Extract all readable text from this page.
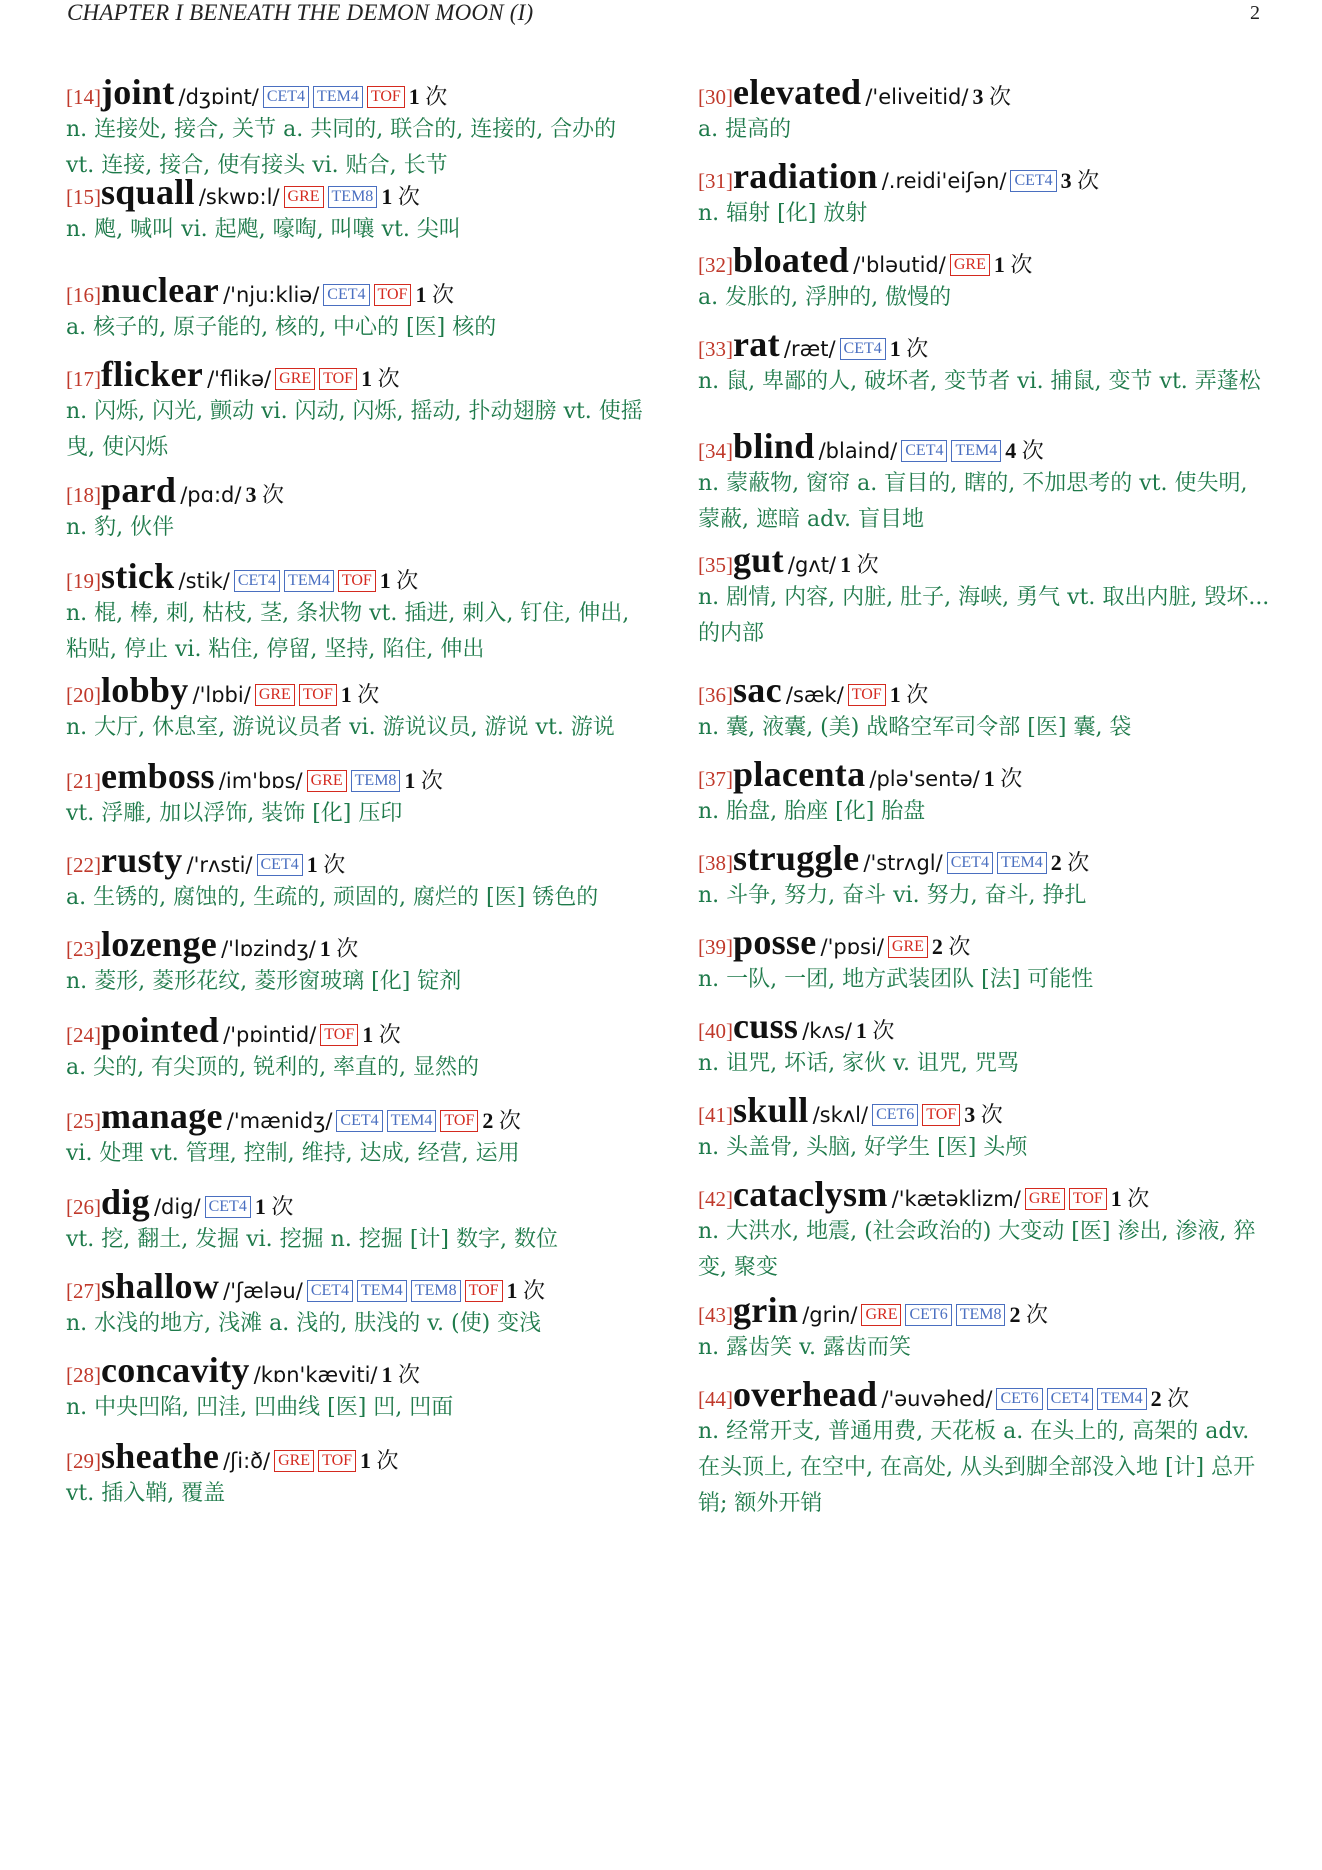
CHAPTER I BENEATH THE DEMON MOON (I)	2
[14]joint /dʒɒint/ CET4 TEM4 TOF 1 次
n. 连接处, 接合, 关节 a. 共同的, 联合的, 连接的, 合办的 vt. 连接, 接合, 使有接头 vi. 贴合, 长节
[15]squall /skwɒ:l/ GRE TEM8 1 次
n. 飑, 喊叫 vi. 起飑, 嚎啕, 叫嚷 vt. 尖叫
[16]nuclear /'nju:kliə/ CET4 TOF 1 次
a. 核子的, 原子能的, 核的, 中心的 [医] 核的
[17]flicker /'flikə/ GRE TOF 1 次
n. 闪烁, 闪光, 颤动 vi. 闪动, 闪烁, 摇动, 扑动翅膀 vt. 使摇曳, 使闪烁
[18]pard /pɑ:d/ 3 次
n. 豹, 伙伴
[19]stick /stik/ CET4 TEM4 TOF 1 次
n. 棍, 棒, 刺, 枯枝, 茎, 条状物 vt. 插进, 刺入, 钉住, 伸出, 粘贴, 停止 vi. 粘住, 停留, 坚持, 陷住, 伸出
[20]lobby /'lɒbi/ GRE TOF 1 次
n. 大厅, 休息室, 游说议员者 vi. 游说议员, 游说 vt. 游说
[21]emboss /im'bɒs/ GRE TEM8 1 次
vt. 浮雕, 加以浮饰, 装饰 [化] 压印
[22]rusty /'rʌsti/ CET4 1 次
a. 生锈的, 腐蚀的, 生疏的, 顽固的, 腐烂的 [医] 锈色的
[23]lozenge /'lɒzindʒ/ 1 次
n. 菱形, 菱形花纹, 菱形窗玻璃 [化] 锭剂
[24]pointed /'pɒintid/ TOF 1 次
a. 尖的, 有尖顶的, 锐利的, 率直的, 显然的
[25]manage /'mænidʒ/ CET4 TEM4 TOF 2 次
vi. 处理 vt. 管理, 控制, 维持, 达成, 经营, 运用
[26]dig /dig/ CET4 1 次
vt. 挖, 翻土, 发掘 vi. 挖掘 n. 挖掘 [计] 数字, 数位
[27]shallow /'ʃæləu/ CET4 TEM4 TEM8 TOF 1 次
n. 水浅的地方, 浅滩 a. 浅的, 肤浅的 v. (使) 变浅
[28]concavity /kɒn'kæviti/ 1 次
n. 中央凹陷, 凹洼, 凹曲线 [医] 凹, 凹面
[29]sheathe /ʃi:ð/ GRE TOF 1 次
vt. 插入鞘, 覆盖
[30]elevated /'eliveitid/ 3 次
a. 提高的
[31]radiation /.reidi'eiʃən/ CET4 3 次
n. 辐射 [化] 放射
[32]bloated /'bləutid/ GRE 1 次
a. 发胀的, 浮肿的, 傲慢的
[33]rat /ræt/ CET4 1 次
n. 鼠, 卑鄙的人, 破坏者, 变节者 vi. 捕鼠, 变节 vt. 弄蓬松
[34]blind /blaind/ CET4 TEM4 4 次
n. 蒙蔽物, 窗帘 a. 盲目的, 瞎的, 不加思考的 vt. 使失明, 蒙蔽, 遮暗 adv. 盲目地
[35]gut /gʌt/ 1 次
n. 剧情, 内容, 内脏, 肚子, 海峡, 勇气 vt. 取出内脏, 毁坏... 的内部
[36]sac /sæk/ TOF 1 次
n. 囊, 液囊, (美) 战略空军司令部 [医] 囊, 袋
[37]placenta /plə'sentə/ 1 次
n. 胎盘, 胎座 [化] 胎盘
[38]struggle /'strʌgl/ CET4 TEM4 2 次
n. 斗争, 努力, 奋斗 vi. 努力, 奋斗, 挣扎
[39]posse /'pɒsi/ GRE 2 次
n. 一队, 一团, 地方武装团队 [法] 可能性
[40]cuss /kʌs/ 1 次
n. 诅咒, 坏话, 家伙 v. 诅咒, 咒骂
[41]skull /skʌl/ CET6 TOF 3 次
n. 头盖骨, 头脑, 好学生 [医] 头颅
[42]cataclysm /'kætəklizm/ GRE TOF 1 次
n. 大洪水, 地震, (社会政治的) 大变动 [医] 渗出, 渗液, 猝变, 聚变
[43]grin /grin/ GRE CET6 TEM8 2 次
n. 露齿笑 v. 露齿而笑
[44]overhead /'əuvəhed/ CET6 CET4 TEM4 2 次
n. 经常开支, 普通用费, 天花板 a. 在头上的, 高架的 adv. 在头顶上, 在空中, 在高处, 从头到脚全部没入地 [计] 总开销; 额外开销
